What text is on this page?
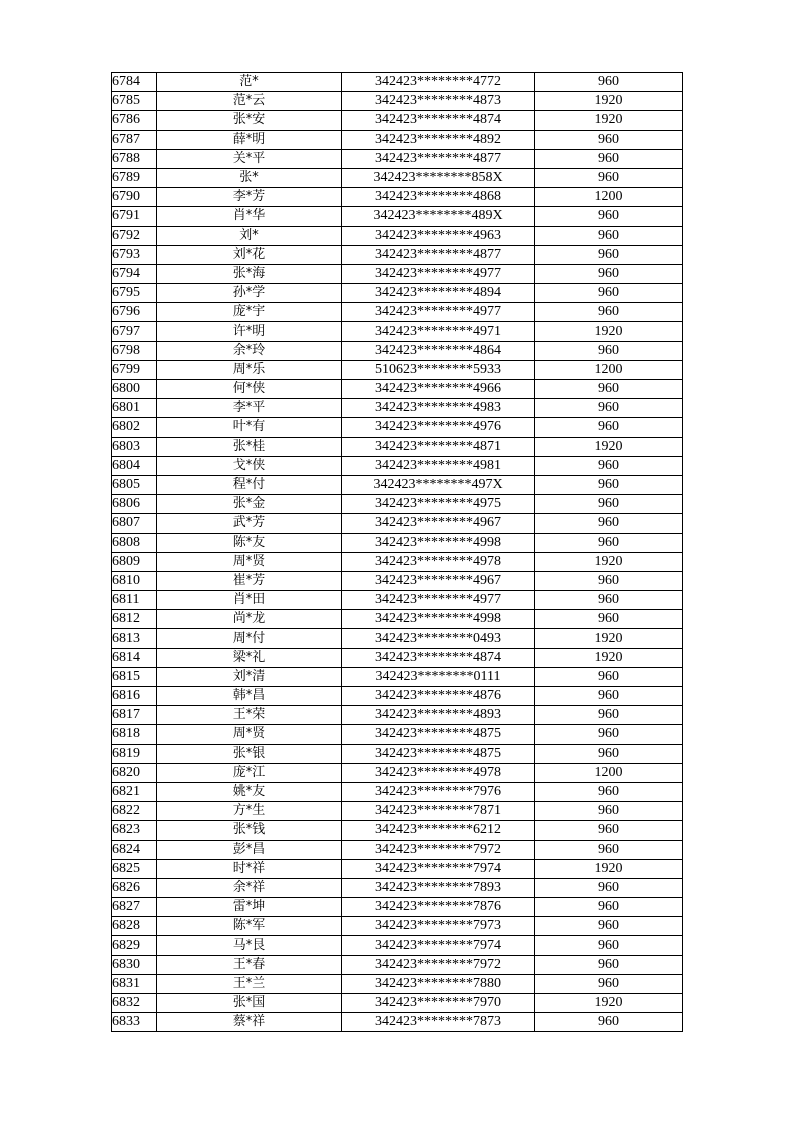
6784	范*	342423********4772	960
6785	范*云	342423********4873	1920
6786	张*安	342423********4874	1920
6787	薛*明	342423********4892	960
6788	关*平	342423********4877	960
6789	张*	342423********858X	960
6790	李*芳	342423********4868	1200
6791	肖*华	342423********489X	960
6792	刘*	342423********4963	960
6793	刘*花	342423********4877	960
6794	张*海	342423********4977	960
6795	孙*学	342423********4894	960
6796	庞*宇	342423********4977	960
6797	许*明	342423********4971	1920
6798	余*玲	342423********4864	960
6799	周*乐	510623********5933	1200
6800	何*侠	342423********4966	960
6801	李*平	342423********4983	960
6802	叶*有	342423********4976	960
6803	张*桂	342423********4871	1920
6804	戈*侠	342423********4981	960
6805	程*付	342423********497X	960
6806	张*金	342423********4975	960
6807	武*芳	342423********4967	960
6808	陈*友	342423********4998	960
6809	周*贤	342423********4978	1920
6810	崔*芳	342423********4967	960
6811	肖*田	342423********4977	960
6812	尚*龙	342423********4998	960
6813	周*付	342423********0493	1920
6814	梁*礼	342423********4874	1920
6815	刘*清	342423********0111	960
6816	韩*昌	342423********4876	960
6817	王*荣	342423********4893	960
6818	周*贤	342423********4875	960
6819	张*银	342423********4875	960
6820	庞*江	342423********4978	1200
6821	姚*友	342423********7976	960
6822	方*生	342423********7871	960
6823	张*钱	342423********6212	960
6824	彭*昌	342423********7972	960
6825	时*祥	342423********7974	1920
6826	余*祥	342423********7893	960
6827	雷*坤	342423********7876	960
6828	陈*军	342423********7973	960
6829	马*艮	342423********7974	960
6830	王*春	342423********7972	960
6831	王*兰	342423********7880	960
6832	张*国	342423********7970	1920
6833	蔡*祥	342423********7873	960
